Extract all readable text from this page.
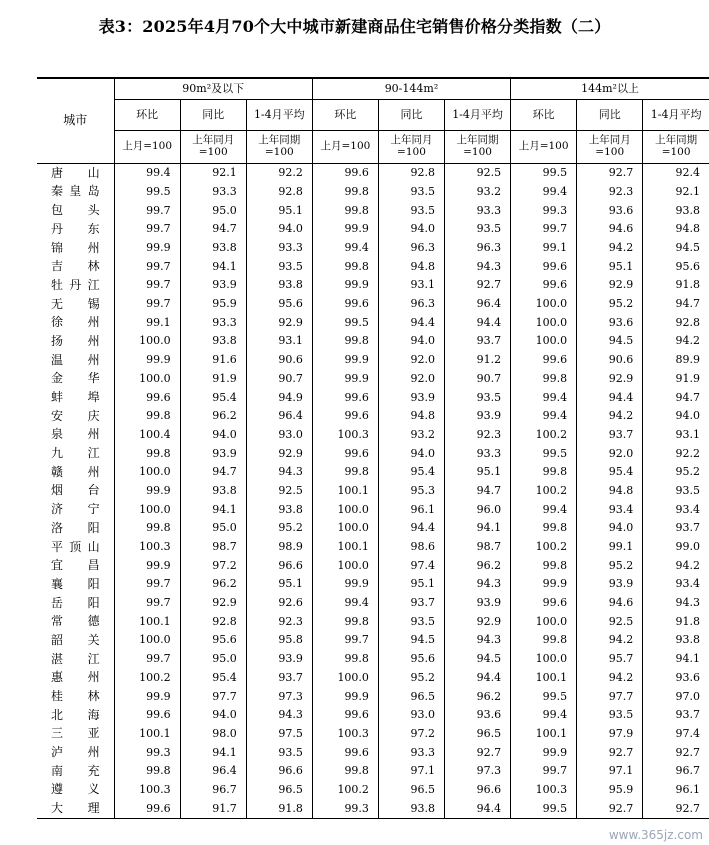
表3：2025年4月70个大中城市新建商品住宅销售价格分类指数（二）
城市	90m²及以下			90-144m²			144m²以上		
	环比	同比	1-4月平均	环比	同比	1-4月平均	环比	同比	1-4月平均
	上月=100	上年同月=100	上年同期=100	上月=100	上年同月=100	上年同期=100	上月=100	上年同月=100	上年同期=100
唐山	99.4	92.1	92.2	99.6	92.8	92.5	99.5	92.7	92.4
秦皇岛	99.5	93.3	92.8	99.8	93.5	93.2	99.4	92.3	92.1
包头	99.7	95.0	95.1	99.8	93.5	93.3	99.3	93.6	93.8
丹东	99.7	94.7	94.0	99.9	94.0	93.5	99.7	94.6	94.8
锦州	99.9	93.8	93.3	99.4	96.3	96.3	99.1	94.2	94.5
吉林	99.7	94.1	93.5	99.8	94.8	94.3	99.6	95.1	95.6
牡丹江	99.7	93.9	93.8	99.9	93.1	92.7	99.6	92.9	91.8
无锡	99.7	95.9	95.6	99.6	96.3	96.4	100.0	95.2	94.7
徐州	99.1	93.3	92.9	99.5	94.4	94.4	100.0	93.6	92.8
扬州	100.0	93.8	93.1	99.8	94.0	93.7	100.0	94.5	94.2
温州	99.9	91.6	90.6	99.9	92.0	91.2	99.6	90.6	89.9
金华	100.0	91.9	90.7	99.9	92.0	90.7	99.8	92.9	91.9
蚌埠	99.6	95.4	94.9	99.6	93.9	93.5	99.4	94.4	94.7
安庆	99.8	96.2	96.4	99.6	94.8	93.9	99.4	94.2	94.0
泉州	100.4	94.0	93.0	100.3	93.2	92.3	100.2	93.7	93.1
九江	99.8	93.9	92.9	99.6	94.0	93.3	99.5	92.0	92.2
赣州	100.0	94.7	94.3	99.8	95.4	95.1	99.8	95.4	95.2
烟台	99.9	93.8	92.5	100.1	95.3	94.7	100.2	94.8	93.5
济宁	100.0	94.1	93.8	100.0	96.1	96.0	99.4	93.4	93.4
洛阳	99.8	95.0	95.2	100.0	94.4	94.1	99.8	94.0	93.7
平顶山	100.3	98.7	98.9	100.1	98.6	98.7	100.2	99.1	99.0
宜昌	99.9	97.2	96.6	100.0	97.4	96.2	99.8	95.2	94.2
襄阳	99.7	96.2	95.1	99.9	95.1	94.3	99.9	93.9	93.4
岳阳	99.7	92.9	92.6	99.4	93.7	93.9	99.6	94.6	94.3
常德	100.1	92.8	92.3	99.8	93.5	92.9	100.0	92.5	91.8
韶关	100.0	95.6	95.8	99.7	94.5	94.3	99.8	94.2	93.8
湛江	99.7	95.0	93.9	99.8	95.6	94.5	100.0	95.7	94.1
惠州	100.2	95.4	93.7	100.0	95.2	94.4	100.1	94.2	93.6
桂林	99.9	97.7	97.3	99.9	96.5	96.2	99.5	97.7	97.0
北海	99.6	94.0	94.3	99.6	93.0	93.6	99.4	93.5	93.7
三亚	100.1	98.0	97.5	100.3	97.2	96.5	100.1	97.9	97.4
泸州	99.3	94.1	93.5	99.6	93.3	92.7	99.9	92.7	92.7
南充	99.8	96.4	96.6	99.8	97.1	97.3	99.7	97.1	96.7
遵义	100.3	96.7	96.5	100.2	96.5	96.6	100.3	95.9	96.1
大理	99.6	91.7	91.8	99.3	93.8	94.4	99.5	92.7	92.7
www.365jz.com
